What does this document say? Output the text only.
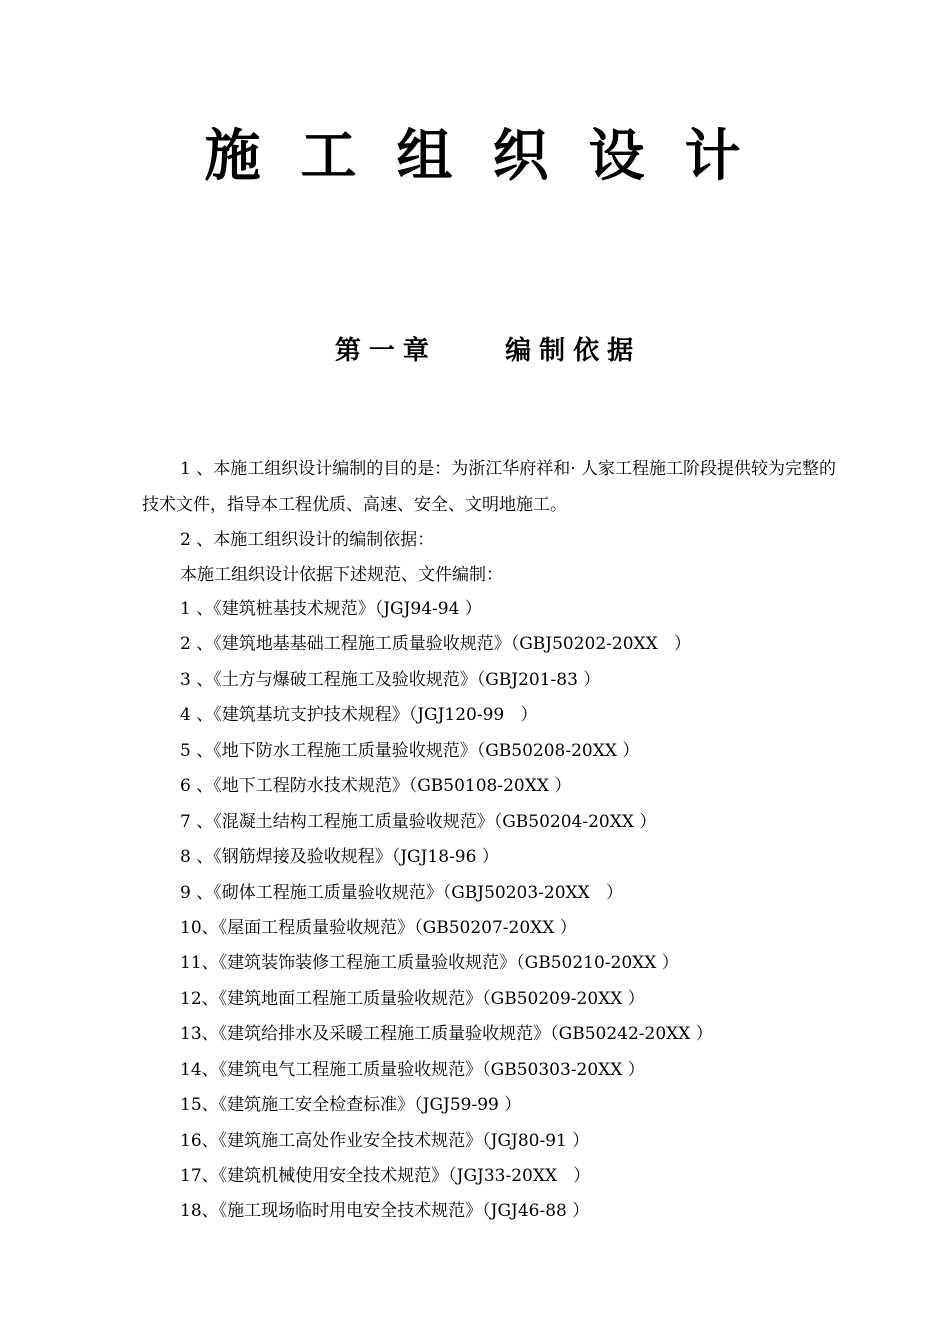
施工组织设计
第一章    编制依据

1 、本施工组织设计编制的目的是：为浙江华府祥和· 人家工程施工阶段提供较为完整的技术文件，指导本工程优质、高速、安全、文明地施工。

2 、本施工组织设计的编制依据：

本施工组织设计依据下述规范、文件编制：

1 、《建筑桩基技术规范》（JGJ94-94 ）
2 、《建筑地基基础工程施工质量验收规范》（GBJ50202-20XX   ）
3 、《土方与爆破工程施工及验收规范》（GBJ201-83 ）
4 、《建筑基坑支护技术规程》（JGJ120-99   ）
5 、《地下防水工程施工质量验收规范》（GB50208-20XX ）
6 、《地下工程防水技术规范》（GB50108-20XX ）
7 、《混凝土结构工程施工质量验收规范》（GB50204-20XX ）
8 、《钢筋焊接及验收规程》（JGJ18-96 ）
9 、《砌体工程施工质量验收规范》（GBJ50203-20XX   ）
10、《屋面工程质量验收规范》（GB50207-20XX ）
11、《建筑装饰装修工程施工质量验收规范》（GB50210-20XX ）
12、《建筑地面工程施工质量验收规范》（GB50209-20XX ）
13、《建筑给排水及采暖工程施工质量验收规范》（GB50242-20XX ）
14、《建筑电气工程施工质量验收规范》（GB50303-20XX ）
15、《建筑施工安全检查标准》（JGJ59-99 ）
16、《建筑施工高处作业安全技术规范》（JGJ80-91 ）
17、《建筑机械使用安全技术规范》（JGJ33-20XX   ）
18、《施工现场临时用电安全技术规范》（JGJ46-88 ）
